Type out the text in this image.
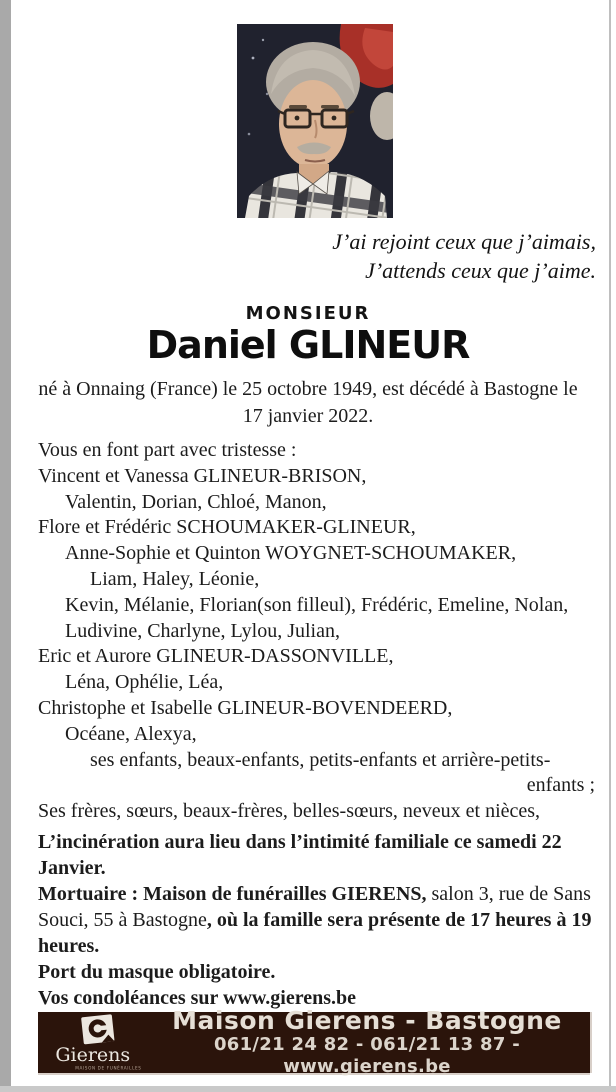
J’ai rejoint ceux que j’aimais,
J’attends ceux que j’aime.
MONSIEUR
Daniel GLINEUR
né à Onnaing (France) le 25 octobre 1949, est décédé à Bastogne le 17 janvier 2022.
Vous en font part avec tristesse :
Vincent et Vanessa GLINEUR-BRISON,
Valentin, Dorian, Chloé, Manon,
Flore et Frédéric SCHOUMAKER-GLINEUR,
Anne-Sophie et Quinton WOYGNET-SCHOUMAKER,
Liam, Haley, Léonie,
Kevin, Mélanie, Florian(son filleul), Frédéric, Emeline, Nolan,
Ludivine, Charlyne, Lylou, Julian,
Eric et Aurore GLINEUR-DASSONVILLE,
Léna, Ophélie, Léa,
Christophe et Isabelle GLINEUR-BOVENDEERD,
Océane, Alexya,
ses enfants, beaux-enfants, petits-enfants et arrière-petits-
enfants ;
Ses frères, sœurs, beaux-frères, belles-sœurs, neveux et nièces,

L’incinération aura lieu dans l’intimité familiale ce samedi 22 Janvier.

Mortuaire : Maison de funérailles GIERENS, salon 3, rue de Sans Souci, 55 à Bastogne, où la famille sera présente de 17 heures à 19 heures.

Port du masque obligatoire.

Vos condoléances sur www.gierens.be

Gierens
MAISON DE FUNÉRAILLES
Maison Gierens - Bastogne
061/21 24 82 - 061/21 13 87 - www.gierens.be
